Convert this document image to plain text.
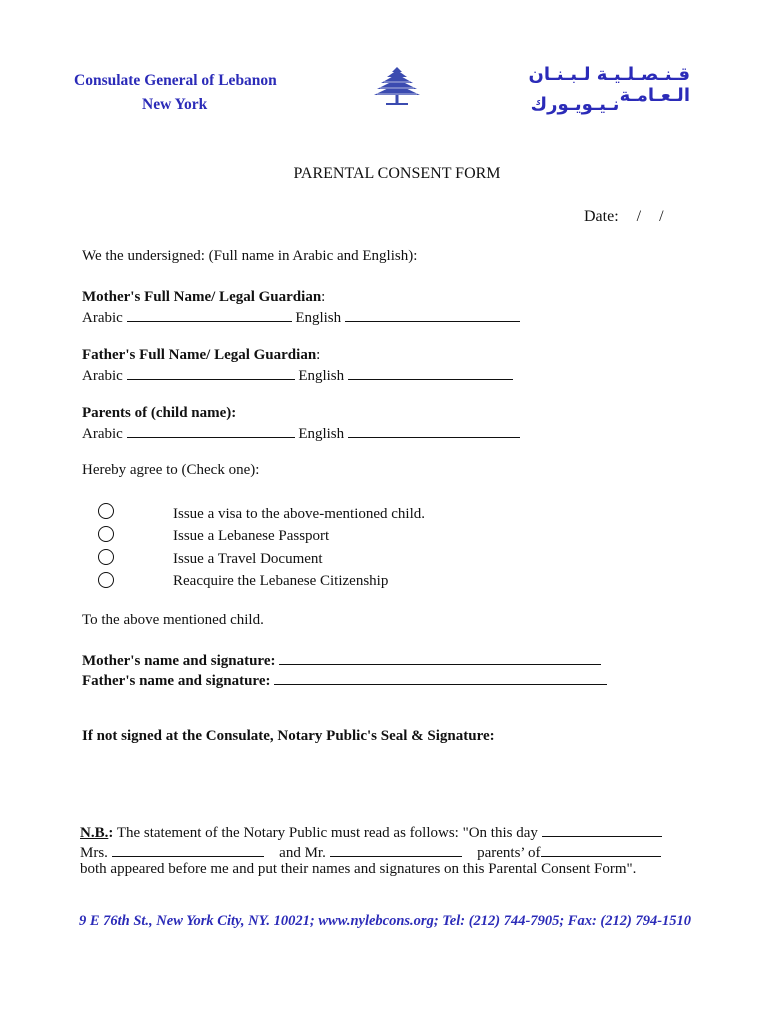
Consulate General of Lebanon
New York
قـنـصـلـيـة لـبـنـان الـعـامـة
نـيـويـورك
PARENTAL CONSENT FORM
Date: / /
We the undersigned: (Full name in Arabic and English):
Mother's Full Name/ Legal Guardian:
Arabic	English
Father's Full Name/ Legal Guardian:
Arabic	English
Parents of (child name):
Arabic	English
Hereby agree to (Check one):
Issue a visa to the above-mentioned child.
Issue a Lebanese Passport
Issue a Travel Document
Reacquire the Lebanese Citizenship
To the above mentioned child.
Mother's name and signature:
Father's name and signature:
If not signed at the Consulate, Notary Public's Seal & Signature:
N.B.: The statement of the Notary Public must read as follows: "On this day
Mrs.	and Mr.	parents’ of
both appeared before me and put their names and signatures on this Parental Consent Form".
9 E 76th St., New York City, NY. 10021; www.nylebcons.org; Tel: (212) 744-7905; Fax: (212) 794-1510
